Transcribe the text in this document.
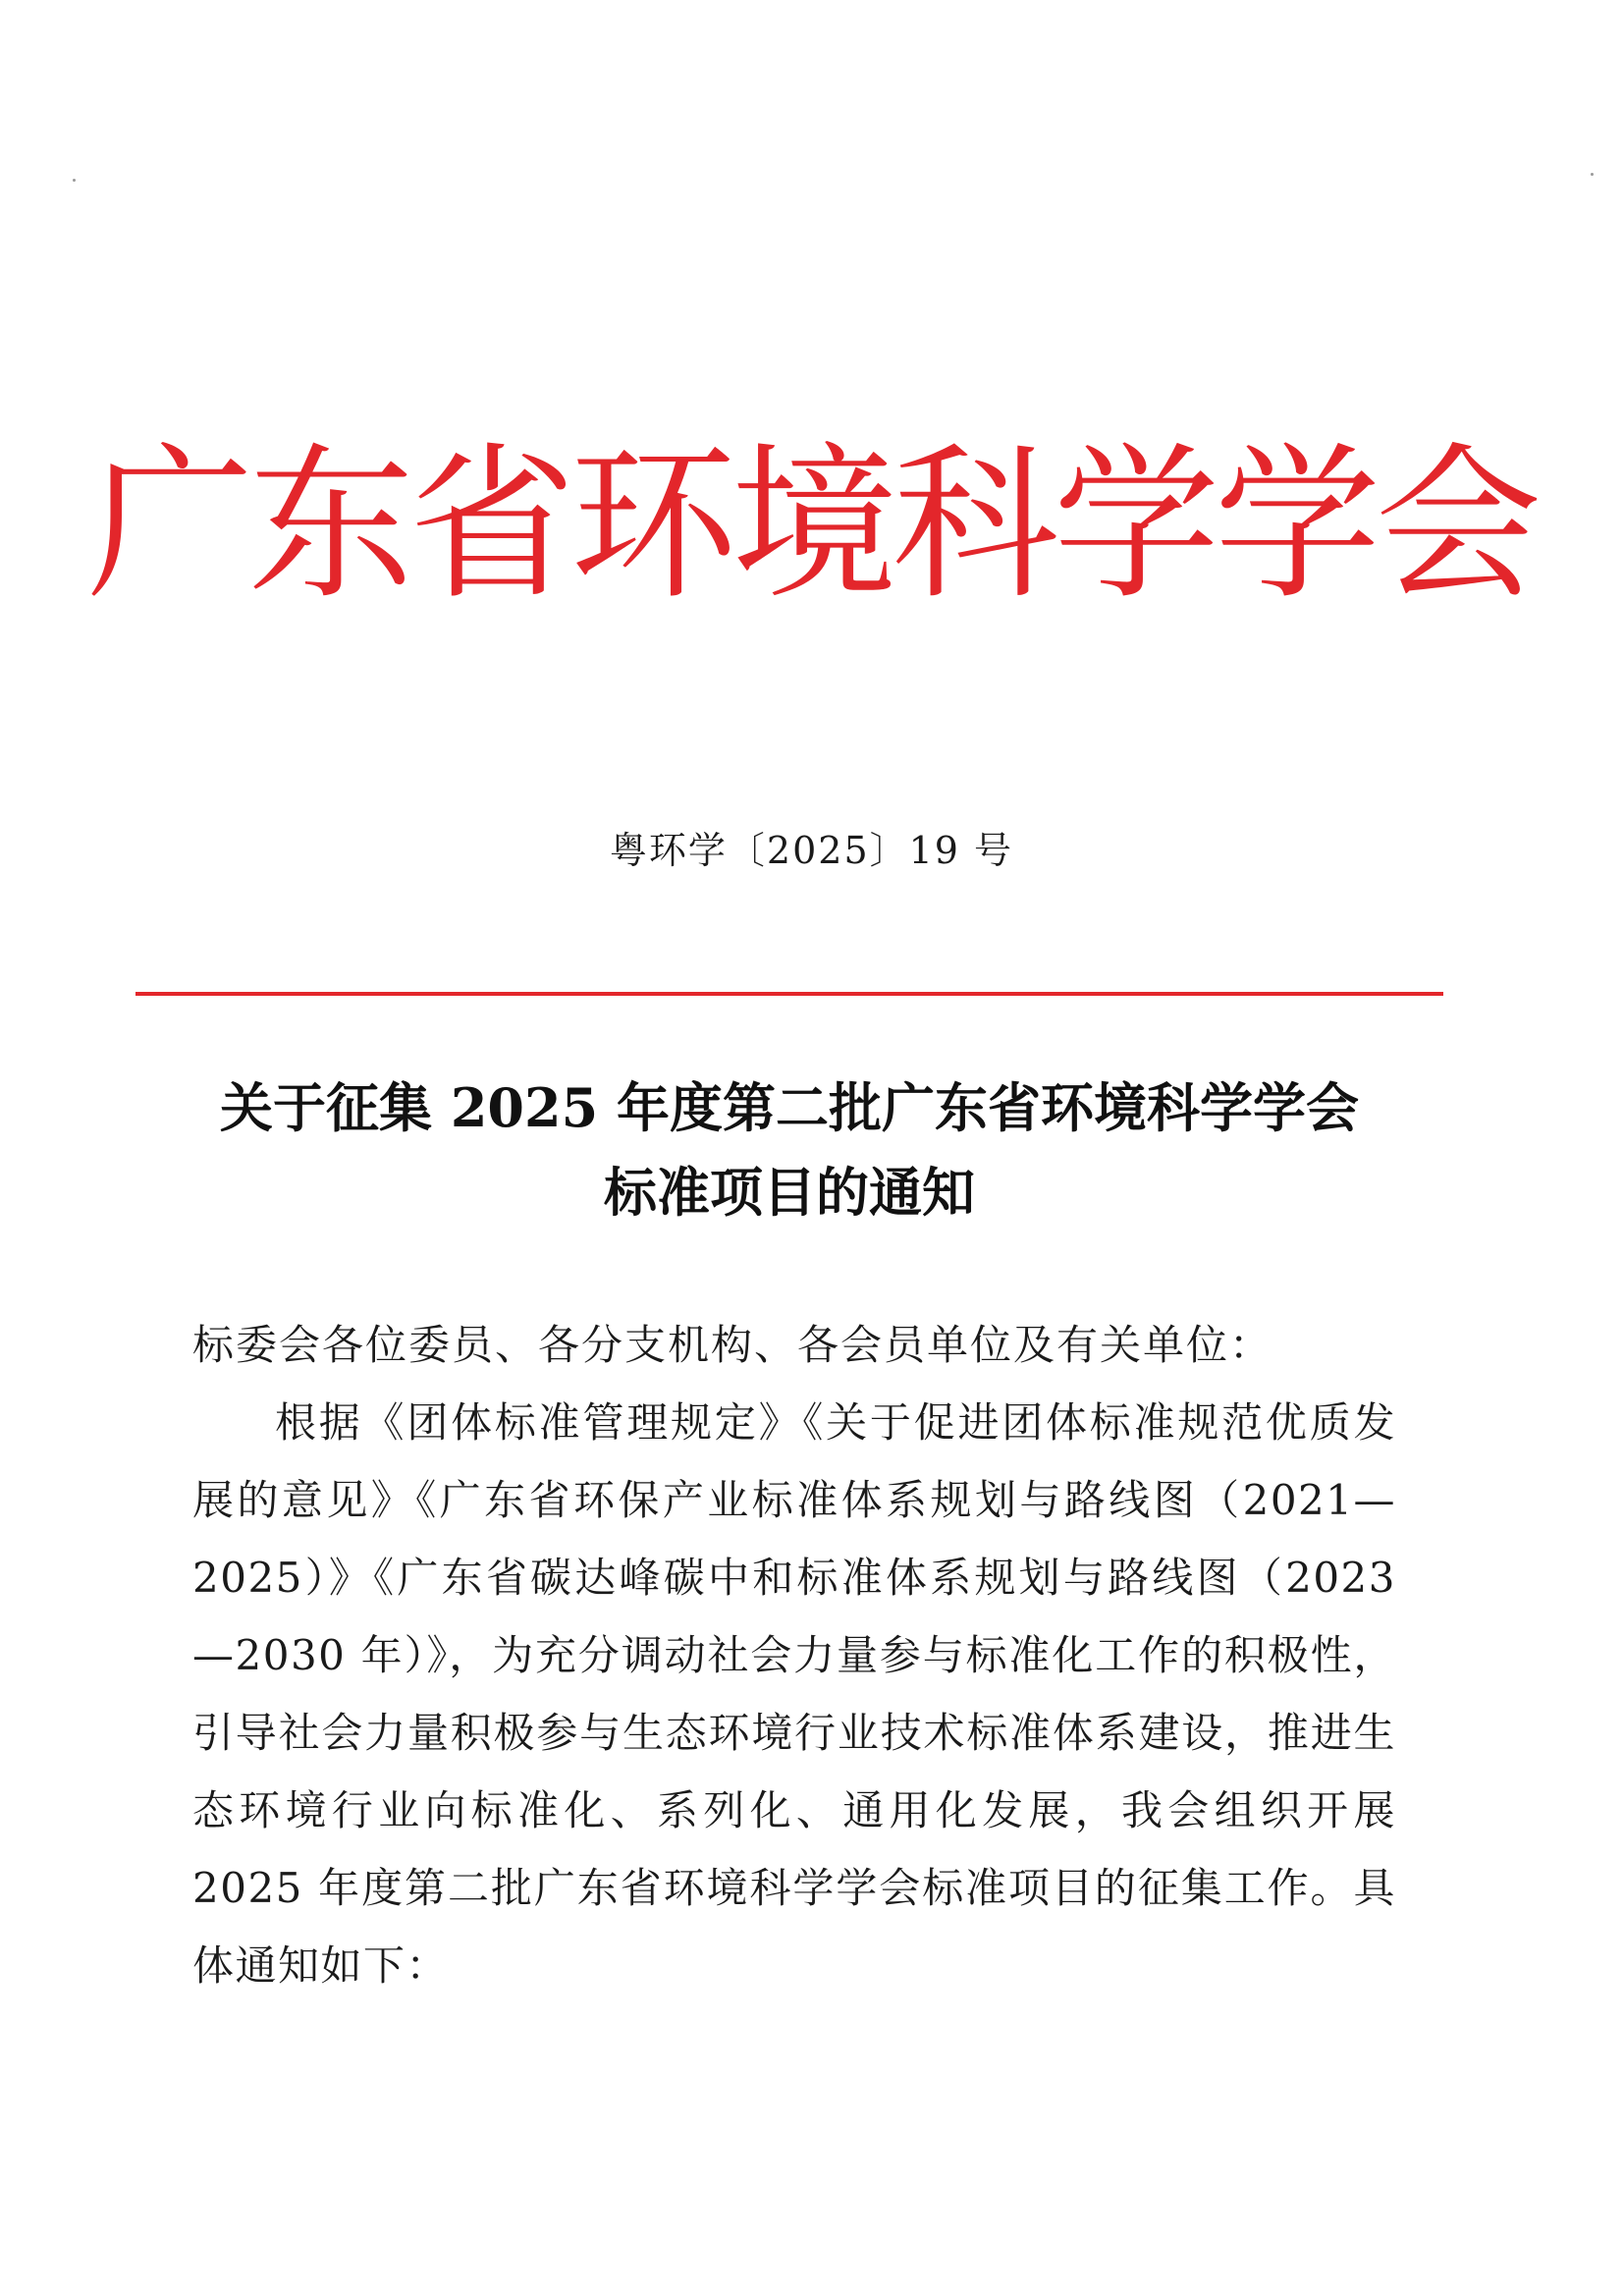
广东省环境科学学会
粤环学〔2025〕19 号
关于征集 2025 年度第二批广东省环境科学学会
标准项目的通知
标委会各位委员、各分支机构、各会员单位及有关单位：
根据《团体标准管理规定》《关于促进团体标准规范优质发展的意见》《广东省环保产业标准体系规划与路线图（2021—2025）》《广东省碳达峰碳中和标准体系规划与路线图（2023—2030 年）》，为充分调动社会力量参与标准化工作的积极性，引导社会力量积极参与生态环境行业技术标准体系建设，推进生态环境行业向标准化、系列化、通用化发展，我会组织开展 2025 年度第二批广东省环境科学学会标准项目的征集工作。具体通知如下：
